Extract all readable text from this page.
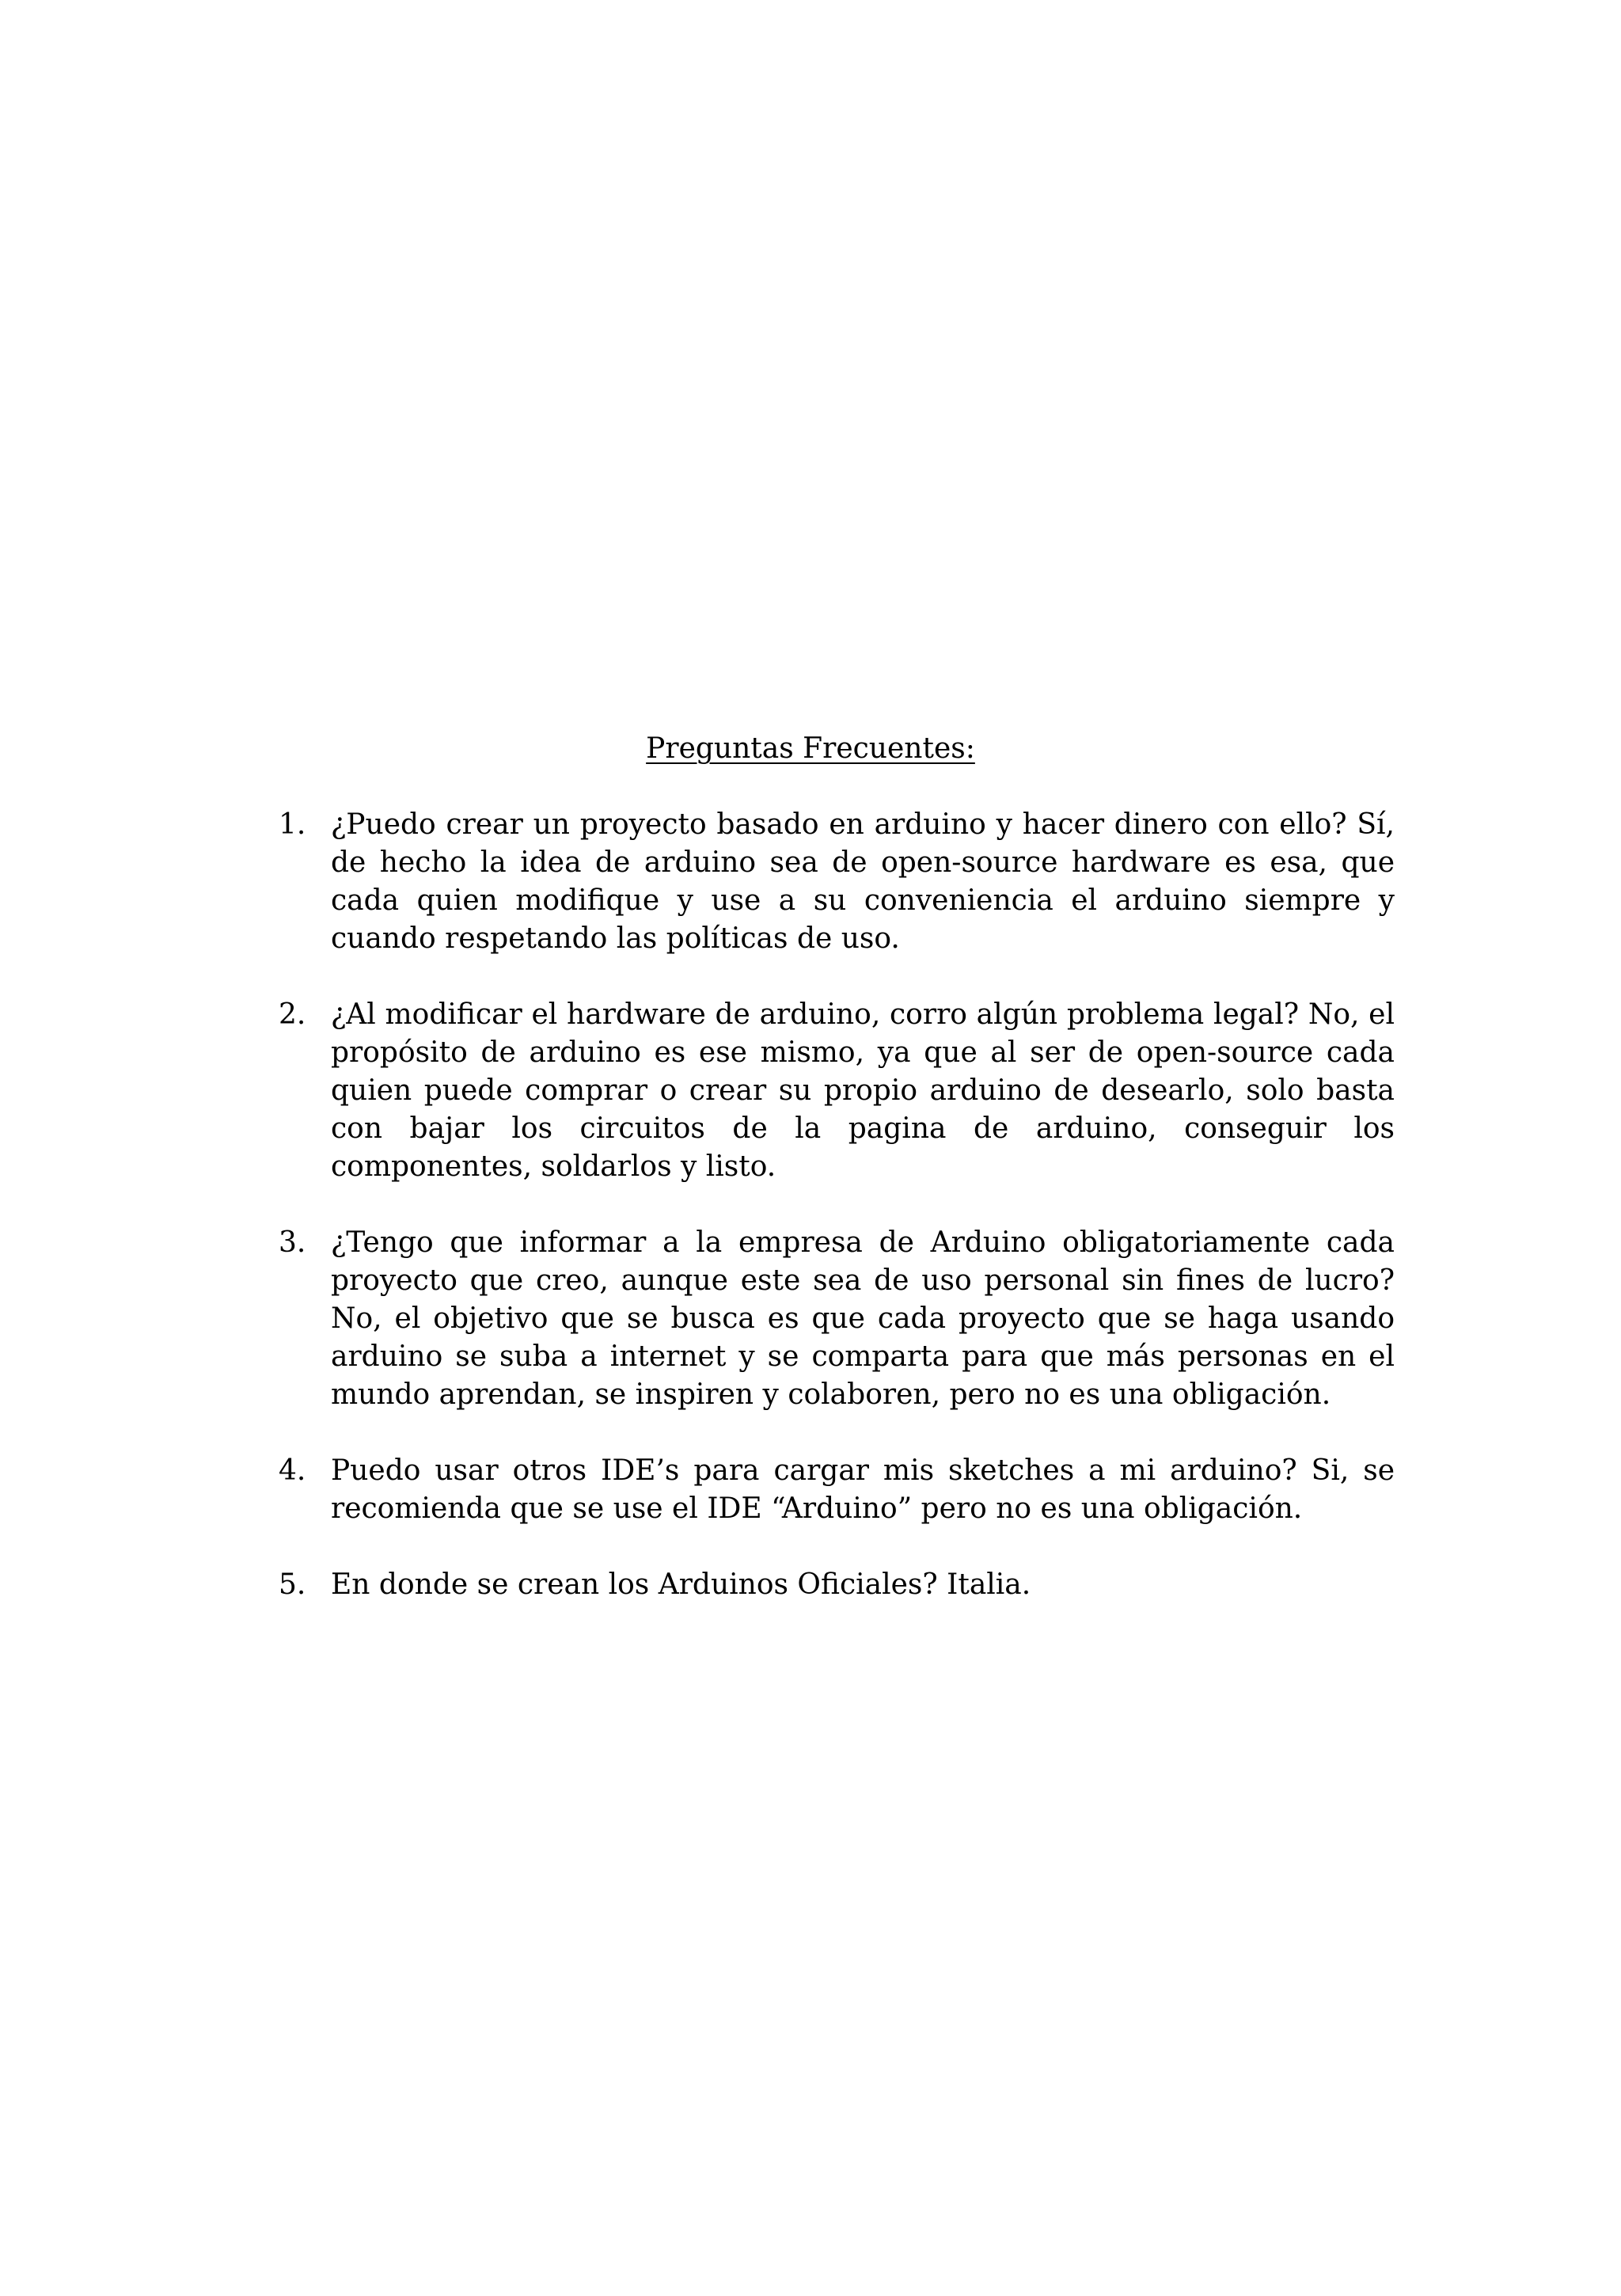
Preguntas Frecuentes:
1. ¿Puedo crear un proyecto basado en arduino y hacer dinero con ello? Sí, de hecho la idea de arduino sea de open-source hardware es esa, que cada quien modifique y use a su conveniencia el arduino siempre y cuando respetando las políticas de uso.
2. ¿Al modificar el hardware de arduino, corro algún problema legal? No, el propósito de arduino es ese mismo, ya que al ser de open-source cada quien puede comprar o crear su propio arduino de desearlo, solo basta con bajar los circuitos de la pagina de arduino, conseguir los componentes, soldarlos y listo.
3. ¿Tengo que informar a la empresa de Arduino obligatoriamente cada proyecto que creo, aunque este sea de uso personal sin fines de lucro? No, el objetivo que se busca es que cada proyecto que se haga usando arduino se suba a internet y se comparta para que más personas en el mundo aprendan, se inspiren y colaboren, pero no es una obligación.
4. Puedo usar otros IDE’s para cargar mis sketches a mi arduino? Si, se recomienda que se use el IDE “Arduino” pero no es una obligación.
5. En donde se crean los Arduinos Oficiales? Italia.
